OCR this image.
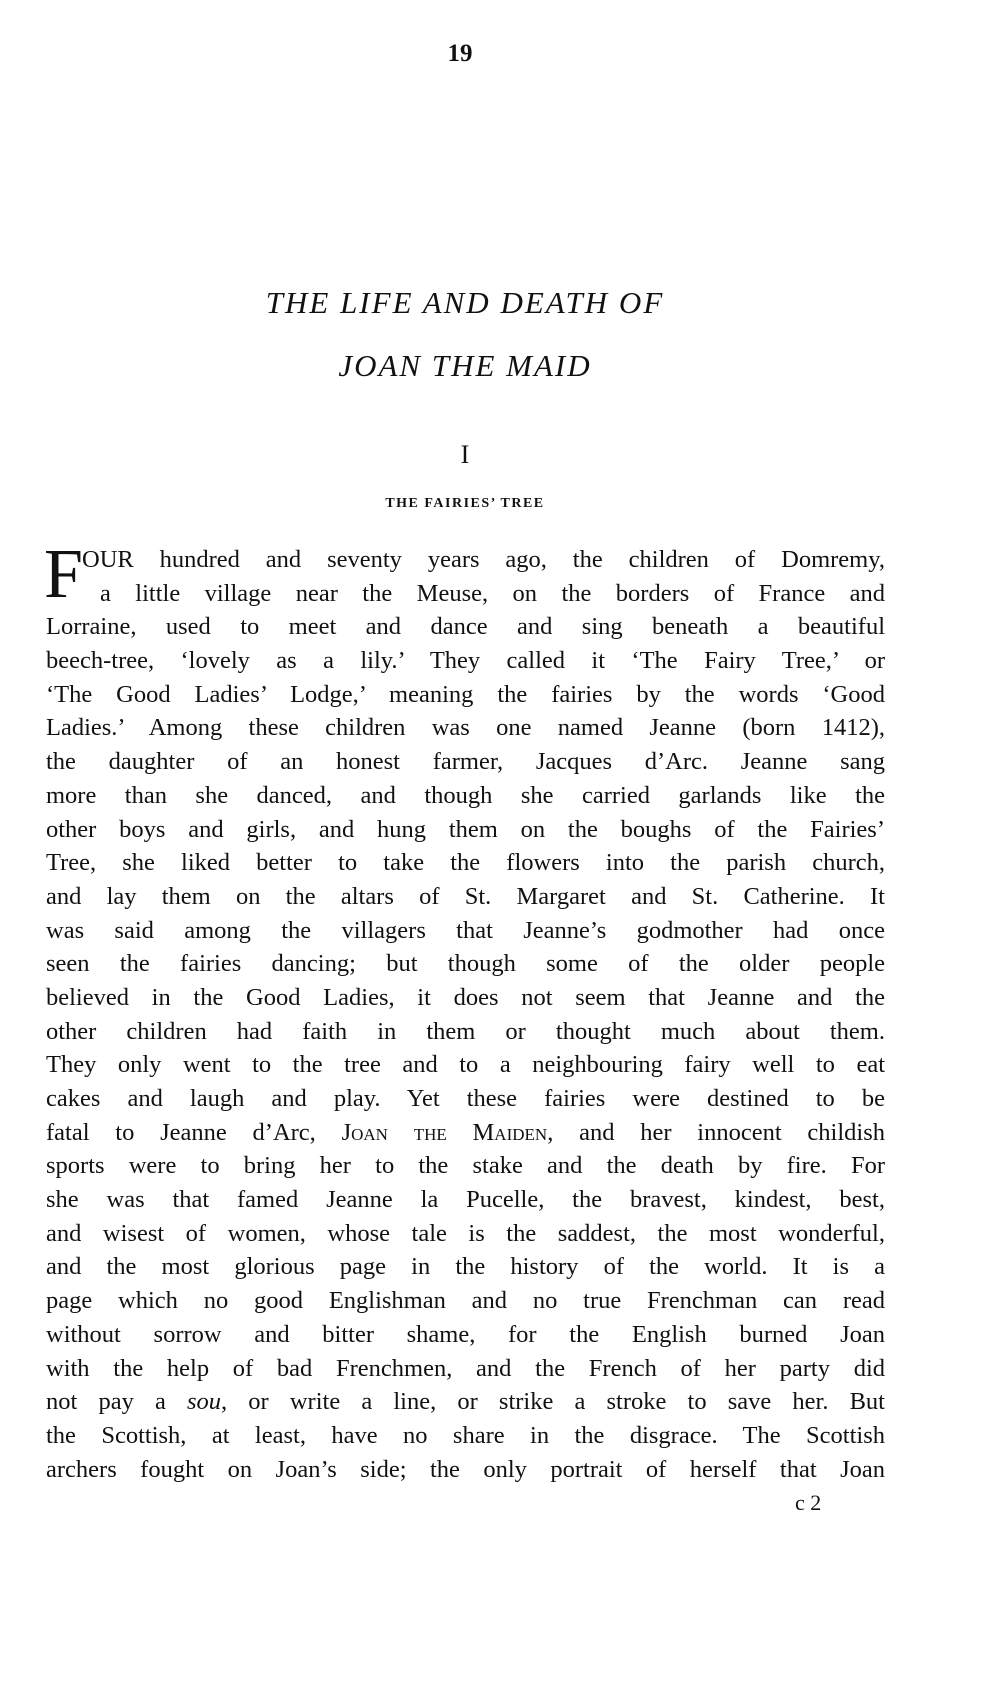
19
THE LIFE AND DEATH OF
JOAN THE MAID
I
THE FAIRIES’ TREE
F OUR hundred and seventy years ago, the children of Domremy,
a little village near the Meuse, on the borders of France and
Lorraine, used to meet and dance and sing beneath a beautiful
beech-tree, ‘lovely as a lily.’ They called it ‘The Fairy Tree,’ or
‘The Good Ladies’ Lodge,’ meaning the fairies by the words ‘Good
Ladies.’ Among these children was one named Jeanne (born 1412),
the daughter of an honest farmer, Jacques d’Arc. Jeanne sang
more than she danced, and though she carried garlands like the
other boys and girls, and hung them on the boughs of the Fairies’
Tree, she liked better to take the flowers into the parish church,
and lay them on the altars of St. Margaret and St. Catherine. It
was said among the villagers that Jeanne’s godmother had once
seen the fairies dancing; but though some of the older people
believed in the Good Ladies, it does not seem that Jeanne and the
other children had faith in them or thought much about them.
They only went to the tree and to a neighbouring fairy well to eat
cakes and laugh and play. Yet these fairies were destined to be
fatal to Jeanne d’Arc, Joan the Maiden, and her innocent childish
sports were to bring her to the stake and the death by fire. For
she was that famed Jeanne la Pucelle, the bravest, kindest, best,
and wisest of women, whose tale is the saddest, the most wonderful,
and the most glorious page in the history of the world. It is a
page which no good Englishman and no true Frenchman can read
without sorrow and bitter shame, for the English burned Joan
with the help of bad Frenchmen, and the French of her party did
not pay a sou, or write a line, or strike a stroke to save her. But
the Scottish, at least, have no share in the disgrace. The Scottish
archers fought on Joan’s side; the only portrait of herself that Joan
c 2
